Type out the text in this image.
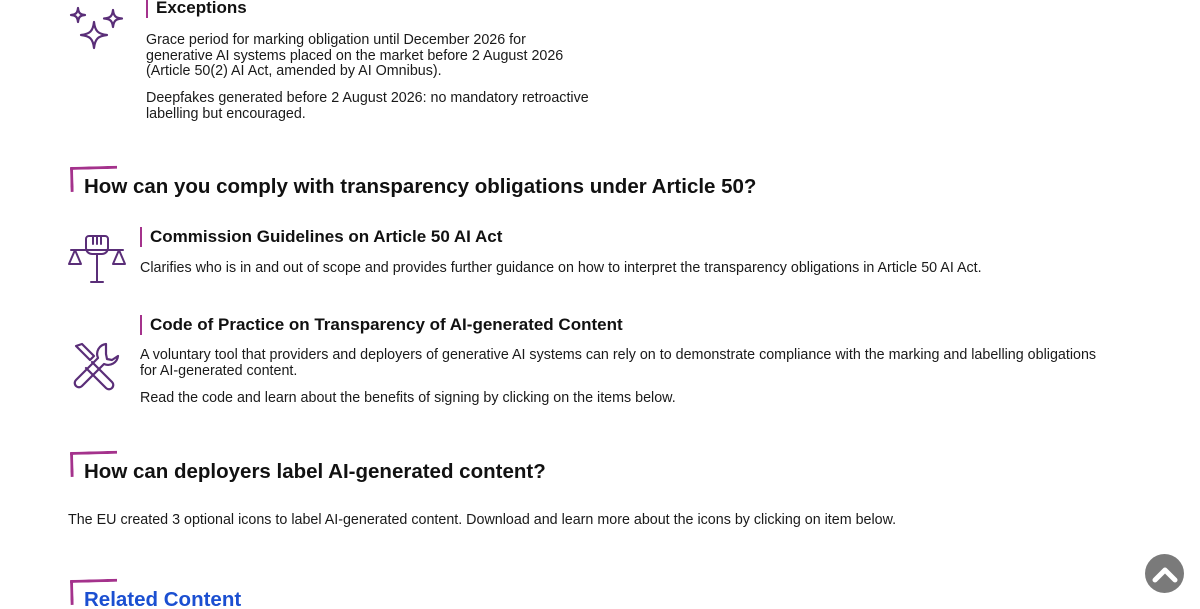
Exceptions

Grace period for marking obligation until December 2026 for generative AI systems placed on the market before 2 August 2026 (Article 50(2) AI Act, amended by AI Omnibus).

Deepfakes generated before 2 August 2026: no mandatory retroactive labelling but encouraged.

How can you comply with transparency obligations under Article 50?
Commission Guidelines on Article 50 AI Act

Clarifies who is in and out of scope and provides further guidance on how to interpret the transparency obligations in Article 50 AI Act.

Code of Practice on Transparency of AI-generated Content

A voluntary tool that providers and deployers of generative AI systems can rely on to demonstrate compliance with the marking and labelling obligations for AI-generated content.

Read the code and learn about the benefits of signing by clicking on the items below.

How can deployers label AI-generated content?

The EU created 3 optional icons to label AI-generated content. Download and learn more about the icons by clicking on item below.

Related Content
